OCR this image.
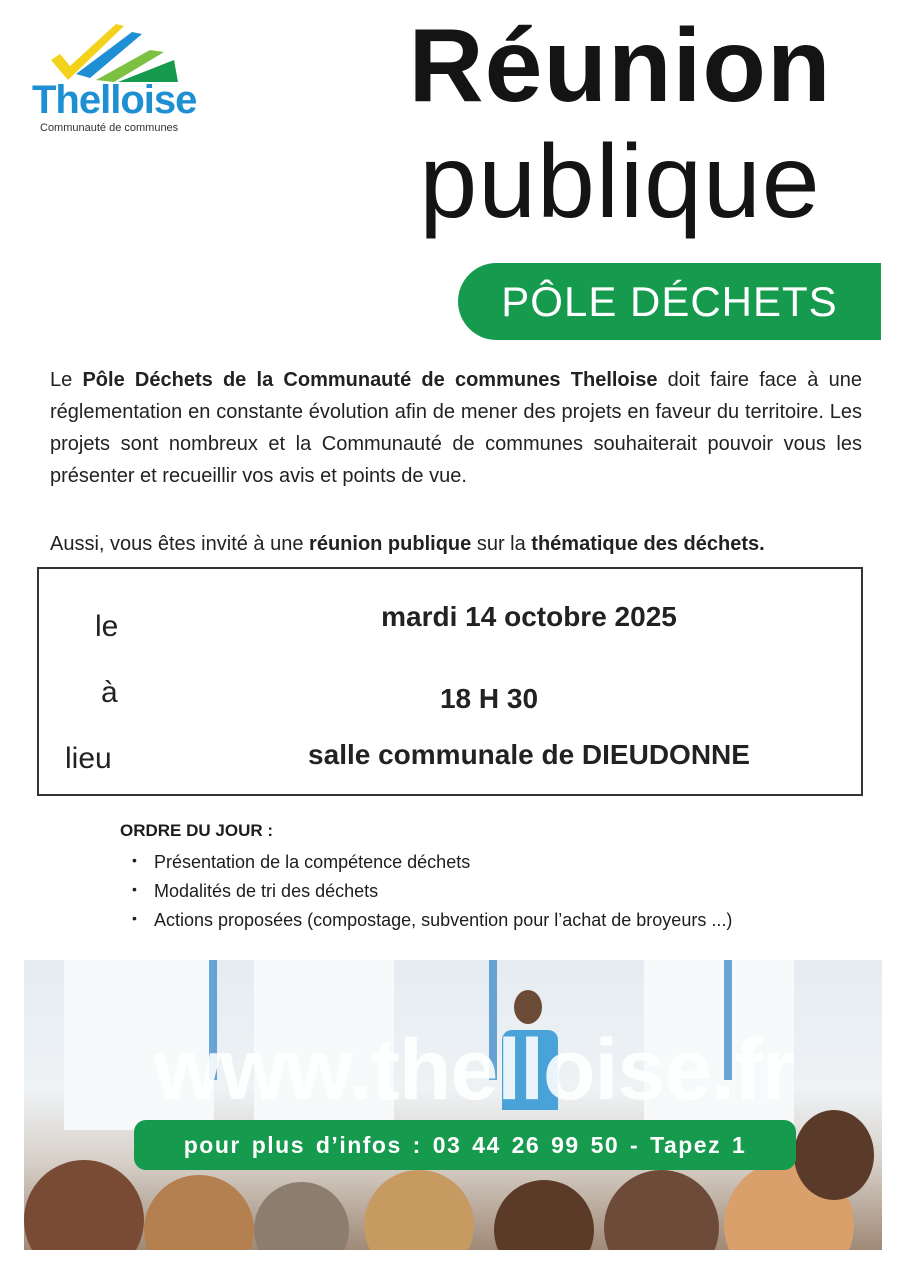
Thelloise
Communauté de communes
Réunion
publique
PÔLE DÉCHETS
Le Pôle Déchets de la Communauté de communes Thelloise doit faire face à une réglementation en constante évolution afin de mener des projets en faveur du territoire. Les projets sont nombreux et la Communauté de communes souhaiterait pouvoir vous les présenter et recueillir vos avis et points de vue.
Aussi, vous êtes invité à une réunion publique sur la thématique des déchets.
le	mardi 14 octobre 2025
à	18 H 30
lieu	salle communale de DIEUDONNE
ORDRE DU JOUR :
• Présentation de la compétence déchets
• Modalités de tri des déchets
• Actions proposées (compostage, subvention pour l’achat de broyeurs ...)
www.thelloise.fr
pour plus d’infos : 03 44 26 99 50 - Tapez 1
